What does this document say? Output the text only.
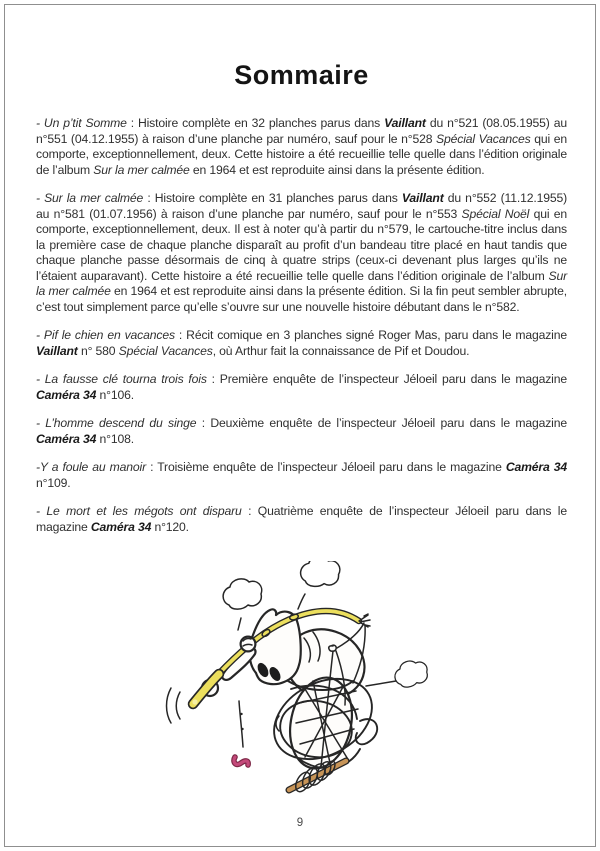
Sommaire

- Un p’tit Somme : Histoire complète en 32 planches parus dans Vaillant du n°521 (08.05.1955) au n°551 (04.12.1955) à raison d’une planche par numéro, sauf pour le n°528 Spécial Vacances qui en comporte, exceptionnellement, deux. Cette histoire a été recueillie telle quelle dans l’édition originale de l’album Sur la mer calmée en 1964 et est reproduite ainsi dans la présente édition.

- Sur la mer calmée : Histoire complète en 31 planches parus dans Vaillant du n°552 (11.12.1955) au n°581 (01.07.1956) à raison d’une planche par numéro, sauf pour le n°553 Spécial Noël qui en comporte, exceptionnellement, deux. Il est à noter qu’à partir du n°579, le cartouche-titre inclus dans la première case de chaque planche disparaît au profit d’un bandeau titre placé en haut tandis que chaque planche passe désormais de cinq à quatre strips (ceux-ci devenant plus larges qu’ils ne l’étaient auparavant). Cette histoire a été recueillie telle quelle dans l’édition originale de l’album Sur la mer calmée en 1964 et est reproduite ainsi dans la présente édition. Si la fin peut sembler abrupte, c’est tout simplement parce qu’elle s’ouvre sur une nouvelle histoire débutant dans le n°582.

- Pif le chien en vacances : Récit comique en 3 planches signé Roger Mas, paru dans le magazine Vaillant n° 580 Spécial Vacances, où Arthur fait la connaissance de Pif et Doudou.

- La fausse clé tourna trois fois : Première enquête de l’inspecteur Jéloeil paru dans le magazine Caméra 34 n°106.

- L’homme descend du singe : Deuxième enquête de l’inspecteur Jéloeil paru dans le magazine Caméra 34 n°108.

-Y a foule au manoir : Troisième enquête de l’inspecteur Jéloeil paru dans le magazine Caméra 34 n°109.

- Le mort et les mégots ont disparu : Quatrième enquête de l’inspecteur Jéloeil paru dans le magazine Caméra 34 n°120.

9
